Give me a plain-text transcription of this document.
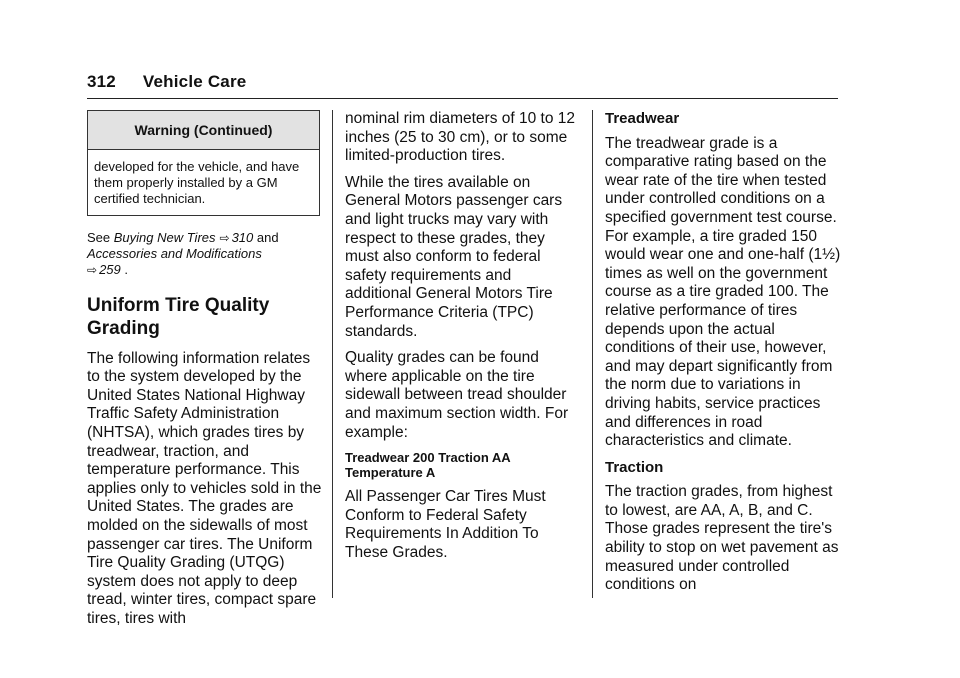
312 Vehicle Care
Warning (Continued)
developed for the vehicle, and have them properly installed by a GM certified technician.
See Buying New Tires ⇨ 310 and
Accessories and Modifications
⇨ 259 .
Uniform Tire Quality
Grading

The following information relates to the system developed by the United States National Highway Traffic Safety Administration (NHTSA), which grades tires by treadwear, traction, and temperature performance. This applies only to vehicles sold in the United States. The grades are molded on the sidewalls of most passenger car tires. The Uniform Tire Quality Grading (UTQG) system does not apply to deep tread, winter tires, compact spare tires, tires with

nominal rim diameters of 10 to 12 inches (25 to 30 cm), or to some limited-production tires.

While the tires available on General Motors passenger cars and light trucks may vary with respect to these grades, they must also conform to federal safety requirements and additional General Motors Tire Performance Criteria (TPC) standards.

Quality grades can be found where applicable on the tire sidewall between tread shoulder and maximum section width. For example:

Treadwear 200 Traction AA Temperature A

All Passenger Car Tires Must Conform to Federal Safety Requirements In Addition To These Grades.

Treadwear

The treadwear grade is a comparative rating based on the wear rate of the tire when tested under controlled conditions on a specified government test course. For example, a tire graded 150 would wear one and one-half (1½) times as well on the government course as a tire graded 100. The relative performance of tires depends upon the actual conditions of their use, however, and may depart significantly from the norm due to variations in driving habits, service practices and differences in road characteristics and climate.

Traction

The traction grades, from highest to lowest, are AA, A, B, and C. Those grades represent the tire's ability to stop on wet pavement as measured under controlled conditions on
